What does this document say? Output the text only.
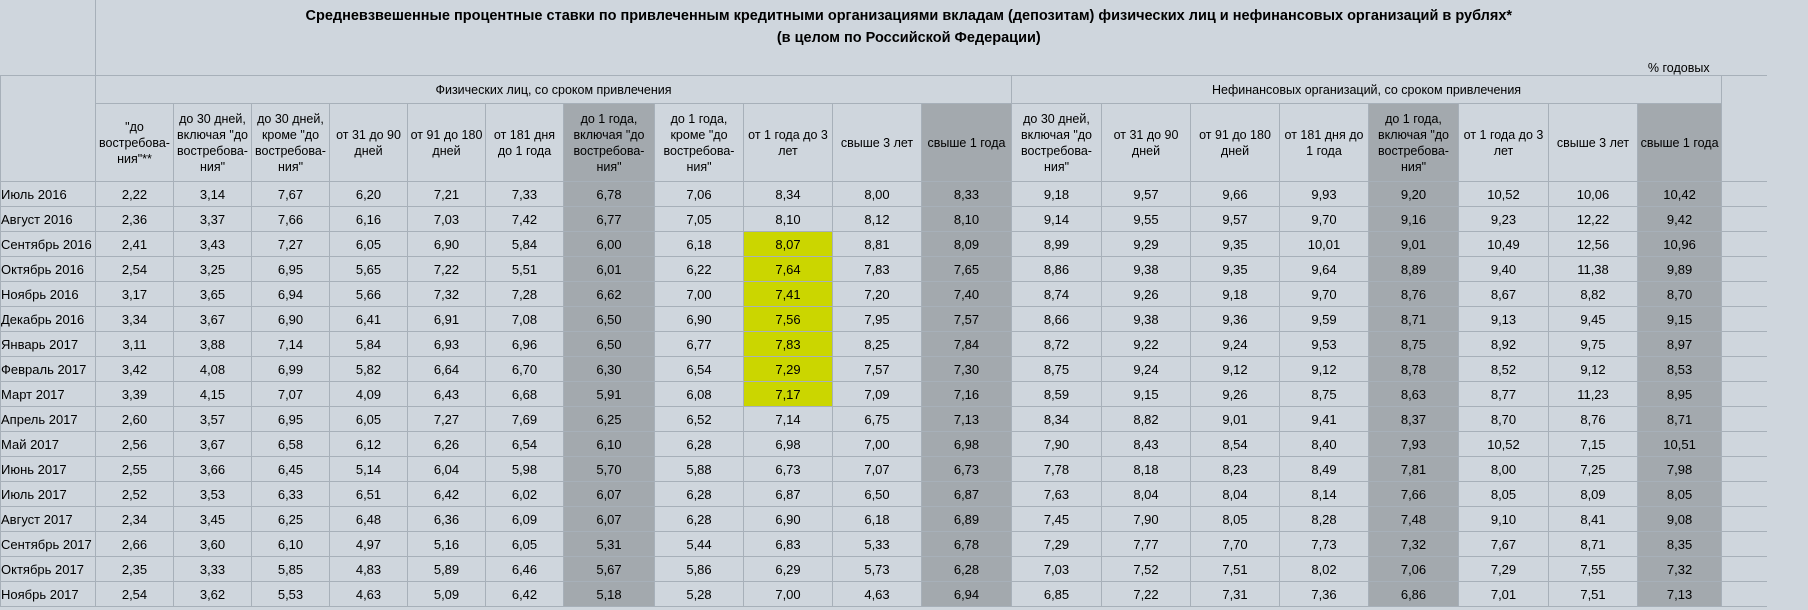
	Средневзвешенные процентные ставки по привлеченным кредитными организациями вкладам (депозитам) физических лиц и нефинансовых организаций в рублях*
(в целом по Российской Федерации)
% годовых																			

	Физических лиц, со сроком привлечения											Нефинансовых организаций, со сроком привлечения								
	"до востребова-ния"**	до 30 дней, включая "до востребова-ния"	до 30 дней, кроме "до востребова-ния"	от 31 до 90 дней	от 91 до 180 дней	от 181 дня до 1 года	до 1 года, включая "до востребова-ния"	до 1 года, кроме "до востребова-ния"	от 1 года до 3 лет	свыше 3 лет	свыше 1 года	до 30 дней, включая "до востребова-ния"	от 31 до 90 дней	от 91 до 180 дней	от 181 дня до 1 года	до 1 года, включая "до востребова-ния"	от 1 года до 3 лет	свыше 3 лет	свыше 1 года	
Июль 2016	2,22	3,14	7,67	6,20	7,21	7,33	6,78	7,06	8,34	8,00	8,33	9,18	9,57	9,66	9,93	9,20	10,52	10,06	10,42	
Август 2016	2,36	3,37	7,66	6,16	7,03	7,42	6,77	7,05	8,10	8,12	8,10	9,14	9,55	9,57	9,70	9,16	9,23	12,22	9,42	
Сентябрь 2016	2,41	3,43	7,27	6,05	6,90	5,84	6,00	6,18	8,07	8,81	8,09	8,99	9,29	9,35	10,01	9,01	10,49	12,56	10,96	
Октябрь 2016	2,54	3,25	6,95	5,65	7,22	5,51	6,01	6,22	7,64	7,83	7,65	8,86	9,38	9,35	9,64	8,89	9,40	11,38	9,89	
Ноябрь 2016	3,17	3,65	6,94	5,66	7,32	7,28	6,62	7,00	7,41	7,20	7,40	8,74	9,26	9,18	9,70	8,76	8,67	8,82	8,70	
Декабрь 2016	3,34	3,67	6,90	6,41	6,91	7,08	6,50	6,90	7,56	7,95	7,57	8,66	9,38	9,36	9,59	8,71	9,13	9,45	9,15	
Январь 2017	3,11	3,88	7,14	5,84	6,93	6,96	6,50	6,77	7,83	8,25	7,84	8,72	9,22	9,24	9,53	8,75	8,92	9,75	8,97	
Февраль 2017	3,42	4,08	6,99	5,82	6,64	6,70	6,30	6,54	7,29	7,57	7,30	8,75	9,24	9,12	9,12	8,78	8,52	9,12	8,53	
Март 2017	3,39	4,15	7,07	4,09	6,43	6,68	5,91	6,08	7,17	7,09	7,16	8,59	9,15	9,26	8,75	8,63	8,77	11,23	8,95	
Апрель 2017	2,60	3,57	6,95	6,05	7,27	7,69	6,25	6,52	7,14	6,75	7,13	8,34	8,82	9,01	9,41	8,37	8,70	8,76	8,71	
Май 2017	2,56	3,67	6,58	6,12	6,26	6,54	6,10	6,28	6,98	7,00	6,98	7,90	8,43	8,54	8,40	7,93	10,52	7,15	10,51	
Июнь 2017	2,55	3,66	6,45	5,14	6,04	5,98	5,70	5,88	6,73	7,07	6,73	7,78	8,18	8,23	8,49	7,81	8,00	7,25	7,98	
Июль 2017	2,52	3,53	6,33	6,51	6,42	6,02	6,07	6,28	6,87	6,50	6,87	7,63	8,04	8,04	8,14	7,66	8,05	8,09	8,05	
Август 2017	2,34	3,45	6,25	6,48	6,36	6,09	6,07	6,28	6,90	6,18	6,89	7,45	7,90	8,05	8,28	7,48	9,10	8,41	9,08	
Сентябрь 2017	2,66	3,60	6,10	4,97	5,16	6,05	5,31	5,44	6,83	5,33	6,78	7,29	7,77	7,70	7,73	7,32	7,67	8,71	8,35	
Октябрь 2017	2,35	3,33	5,85	4,83	5,89	6,46	5,67	5,86	6,29	5,73	6,28	7,03	7,52	7,51	8,02	7,06	7,29	7,55	7,32	
Ноябрь 2017	2,54	3,62	5,53	4,63	5,09	6,42	5,18	5,28	7,00	4,63	6,94	6,85	7,22	7,31	7,36	6,86	7,01	7,51	7,13	
